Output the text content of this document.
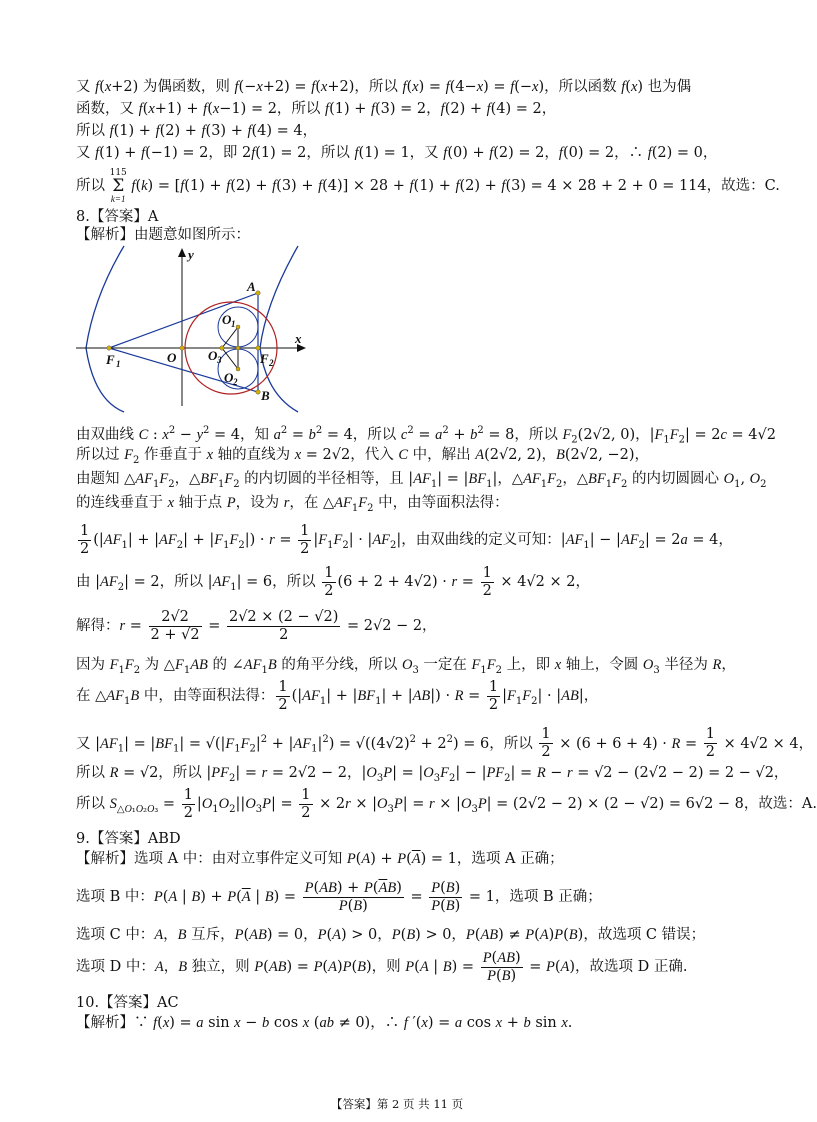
又 f(x+2) 为偶函数，则 f(−x+2) = f(x+2)，所以 f(x) = f(4−x) = f(−x)，所以函数 f(x) 也为偶
函数，又 f(x+1) + f(x−1) = 2，所以 f(1) + f(3) = 2，f(2) + f(4) = 2，
所以 f(1) + f(2) + f(3) + f(4) = 4，
又 f(1) + f(−1) = 2，即 2f(1) = 2，所以 f(1) = 1，又 f(0) + f(2) = 2，f(0) = 2，∴ f(2) = 0，
所以
115
Σ
k=1
f(k) = [f(1) + f(2) + f(3) + f(4)] × 28 + f(1) + f(2) + f(3) = 4 × 28 + 2 + 0 = 114，故选：C.
8.【答案】A
【解析】由题意如图所示：
y
x
A
B
O
F 1	F 2
O 3
O 1
O 2
由双曲线 C : $x^2 - y^2 = 4$，知 $a^2 = b^2 = 4$，所以 $c^2 = a^2 + b^2 = 8$，所以 $F_2(2√2$, 0)，$|F_1F_2| = 2c = 4√2$
所以过 $F_2$ 作垂直于 x 轴的直线为 x = 2√2，代入 C 中，解出 A(2√2, 2)，B(2√2, −2)，
由题知 $\triangle AF_1F_2$，$\triangle BF_1F_2$ 的内切圆的半径相等，且 $|AF_1| = |BF_1|$，$\triangle AF_1F_2$，$\triangle BF_1F_2$ 的内切圆圆心 $O_1$, $O_2$
的连线垂直于 x 轴于点 P，设为 r，在 $\triangle AF_1F_2$ 中，由等面积法得：
$\frac{1}{2} (|AF_1| + |AF_2| + |F_1F_2|) \cdot r = \frac{1}{2} |F_1F_2| \cdot |AF_2|$，由双曲线的定义可知：$|AF_1| - |AF_2| = 2a = 4$，
由 $|AF_2| = 2$，所以 $|AF_1| = 6$，所以 $\frac{1}{2} (6 + 2 + 4√2) \cdot r = \frac{1}{2} \times 4√2 \times 2$，
解得：$r = \frac{2√2}{2 + √2} = \frac{2√2 \times (2 - √2)}{2} = 2√2 - 2$，
因为 $F_1F_2$ 为 $\triangle F_1AB$ 的 $\angle AF_1B$ 的角平分线，所以 $O_3$ 一定在 $F_1F_2$ 上，即 x 轴上，令圆 $O_3$ 半径为 R，
在 $\triangle AF_1B$ 中，由等面积法得： $\frac{1}{2} (|AF_1| + |BF_1| + |AB|) \cdot R = \frac{1}{2} |F_1F_2| \cdot |AB|$，
又 $|AF_1| = |BF_1| = √(|F_1F_2|^2 + |AF_1|^2) = √((4√2)^2 + 2^2) = 6$，所以 $\frac{1}{2} \times (6 + 6 + 4) \cdot R = \frac{1}{2} \times 4√2 \times 4$，
所以 R = √2，所以 $|PF_2| = r = 2√2 - 2$，$|O_3P| = |O_3F_2| - |PF_2| = R - r = √2 - (2√2 - 2) = 2 - √2$，
所以 $S_{\triangle O_1O_2O_3} = \frac{1}{2} |O_1O_2||O_3P| = \frac{1}{2} \times 2r \times |O_3P| = r \times |O_3P| = (2√2 - 2) \times (2 - √2) = 6√2 - 8$，故选：A.
9.【答案】ABD
【解析】选项 A 中：由对立事件定义可知 $P(A) + P(\overline{A}) = 1$，选项 A 正确；
选项 B 中：P(A | $B) + P(\overline{A}$ | $B) = \frac{P(AB) + P(\overline{A}B)}{P(B)} = \frac{P(B)}{P(B)} = 1$，选项 B 正确；
选项 C 中：A，B 互斥，P(AB) = 0，P(A) > 0，P(B) > 0，P(AB) ≠ P(A)P(B)，故选项 C 错误；
选项 D 中：A，B 独立，则 P(AB) = P(A)P(B)，则 P(A | $B) = \frac{P(AB)}{P(B)} = P(A)$，故选项 D 正确.
10.【答案】AC
【解析】∵ f(x) = a sin x − b cos x (ab ≠ 0)，∴ f ′(x) = a cos x + b sin x.
【答案】第 2 页 共 11 页
